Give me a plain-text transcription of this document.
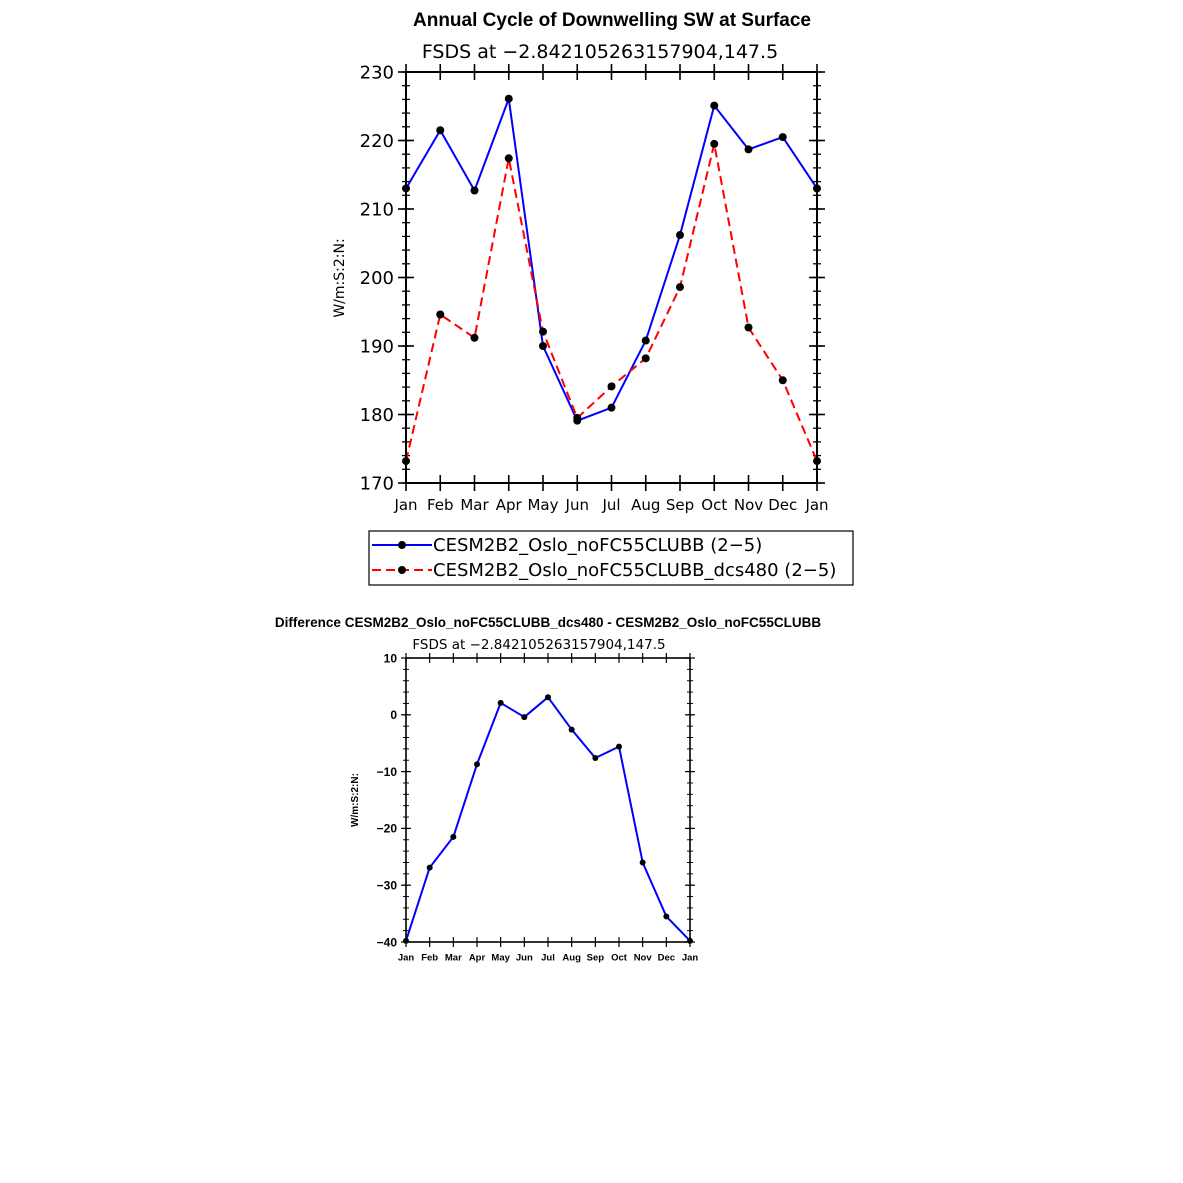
Annual Cycle of Downwelling SW at Surface
FSDS at −2.842105263157904,147.5
W/m:S:2:N:
170
180
190
200
210
220
230
Jan Feb Mar Apr May Jun Jul Aug Sep Oct Nov Dec Jan
CESM2B2_Oslo_noFC55CLUBB (2−5)
CESM2B2_Oslo_noFC55CLUBB_dcs480 (2−5)
Difference CESM2B2_Oslo_noFC55CLUBB_dcs480 - CESM2B2_Oslo_noFC55CLUBB
FSDS at −2.842105263157904,147.5
W/m:S:2:N:
−40
−30
−20
−10
0
10
Jan Feb Mar Apr May Jun Jul Aug Sep Oct Nov Dec Jan
